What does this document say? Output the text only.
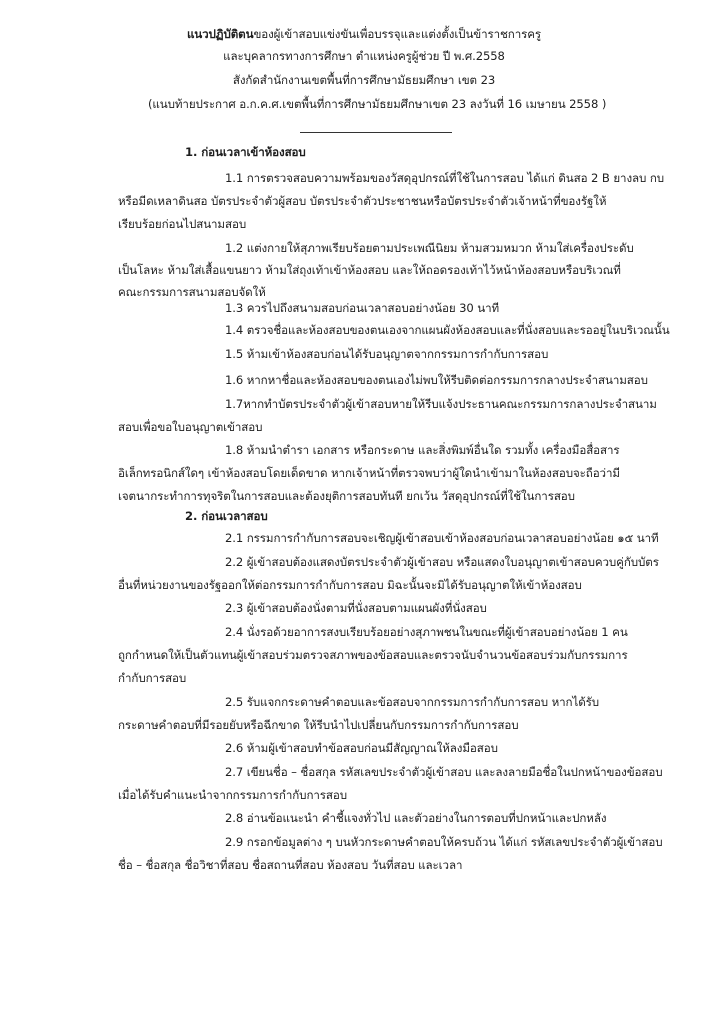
แนวปฏิบัติตนของผู้เข้าสอบแข่งขันเพื่อบรรจุและแต่งตั้งเป็นข้าราชการครู
และบุคลากรทางการศึกษา ตำแหน่งครูผู้ช่วย ปี พ.ศ.2558
สังกัดสำนักงานเขตพื้นที่การศึกษามัธยมศึกษา เขต 23
(แนบท้ายประกาศ อ.ก.ค.ศ.เขตพื้นที่การศึกษามัธยมศึกษาเขต 23 ลงวันที่ 16 เมษายน 2558 )
1. ก่อนเวลาเข้าห้องสอบ
1.1 การตรวจสอบความพร้อมของวัสดุอุปกรณ์ที่ใช้ในการสอบ ได้แก่ ดินสอ 2 B ยางลบ กบ
หรือมีดเหลาดินสอ บัตรประจำตัวผู้สอบ บัตรประจำตัวประชาชนหรือบัตรประจำตัวเจ้าหน้าที่ของรัฐให้
เรียบร้อยก่อนไปสนามสอบ
1.2 แต่งกายให้สุภาพเรียบร้อยตามประเพณีนิยม ห้ามสวมหมวก ห้ามใส่เครื่องประดับ
เป็นโลหะ ห้ามใส่เสื้อแขนยาว ห้ามใส่ถุงเท้าเข้าห้องสอบ และให้ถอดรองเท้าไว้หน้าห้องสอบหรือบริเวณที่
คณะกรรมการสนามสอบจัดให้
1.3 ควรไปถึงสนามสอบก่อนเวลาสอบอย่างน้อย 30 นาที
1.4 ตรวจชื่อและห้องสอบของตนเองจากแผนผังห้องสอบและที่นั่งสอบและรออยู่ในบริเวณนั้น
1.5 ห้ามเข้าห้องสอบก่อนได้รับอนุญาตจากกรรมการกำกับการสอบ
1.6 หากหาชื่อและห้องสอบของตนเองไม่พบให้รีบติดต่อกรรมการกลางประจำสนามสอบ
1.7หากทำบัตรประจำตัวผู้เข้าสอบหายให้รีบแจ้งประธานคณะกรรมการกลางประจำสนาม
สอบเพื่อขอใบอนุญาตเข้าสอบ
1.8 ห้ามนำตำรา เอกสาร หรือกระดาษ และสิ่งพิมพ์อื่นใด รวมทั้ง เครื่องมือสื่อสาร
อิเล็กทรอนิกส์ใดๆ เข้าห้องสอบโดยเด็ดขาด หากเจ้าหน้าที่ตรวจพบว่าผู้ใดนำเข้ามาในห้องสอบจะถือว่ามี
เจตนากระทำการทุจริตในการสอบและต้องยุติการสอบทันที ยกเว้น วัสดุอุปกรณ์ที่ใช้ในการสอบ
2. ก่อนเวลาสอบ
2.1 กรรมการกำกับการสอบจะเชิญผู้เข้าสอบเข้าห้องสอบก่อนเวลาสอบอย่างน้อย ๑๕ นาที
2.2 ผู้เข้าสอบต้องแสดงบัตรประจำตัวผู้เข้าสอบ หรือแสดงใบอนุญาตเข้าสอบควบคู่กับบัตร
อื่นที่หน่วยงานของรัฐออกให้ต่อกรรมการกำกับการสอบ มิฉะนั้นจะมิได้รับอนุญาตให้เข้าห้องสอบ
2.3 ผู้เข้าสอบต้องนั่งตามที่นั่งสอบตามแผนผังที่นั่งสอบ
2.4 นั่งรอด้วยอาการสงบเรียบร้อยอย่างสุภาพชนในขณะที่ผู้เข้าสอบอย่างน้อย 1 คน
ถูกกำหนดให้เป็นตัวแทนผู้เข้าสอบร่วมตรวจสภาพของข้อสอบและตรวจนับจำนวนข้อสอบร่วมกับกรรมการ
กำกับการสอบ
2.5 รับแจกกระดาษคำตอบและข้อสอบจากกรรมการกำกับการสอบ หากได้รับ
กระดาษคำตอบที่มีรอยยับหรือฉีกขาด ให้รีบนำไปเปลี่ยนกับกรรมการกำกับการสอบ
2.6 ห้ามผู้เข้าสอบทำข้อสอบก่อนมีสัญญาณให้ลงมือสอบ
2.7 เขียนชื่อ – ชื่อสกุล รหัสเลขประจำตัวผู้เข้าสอบ และลงลายมือชื่อในปกหน้าของข้อสอบ
เมื่อได้รับคำแนะนำจากกรรมการกำกับการสอบ
2.8 อ่านข้อแนะนำ คำชี้แจงทั่วไป และตัวอย่างในการตอบที่ปกหน้าและปกหลัง
2.9 กรอกข้อมูลต่าง ๆ บนหัวกระดาษคำตอบให้ครบถ้วน ได้แก่ รหัสเลขประจำตัวผู้เข้าสอบ
ชื่อ – ชื่อสกุล ชื่อวิชาที่สอบ ชื่อสถานที่สอบ ห้องสอบ วันที่สอบ และเวลา
